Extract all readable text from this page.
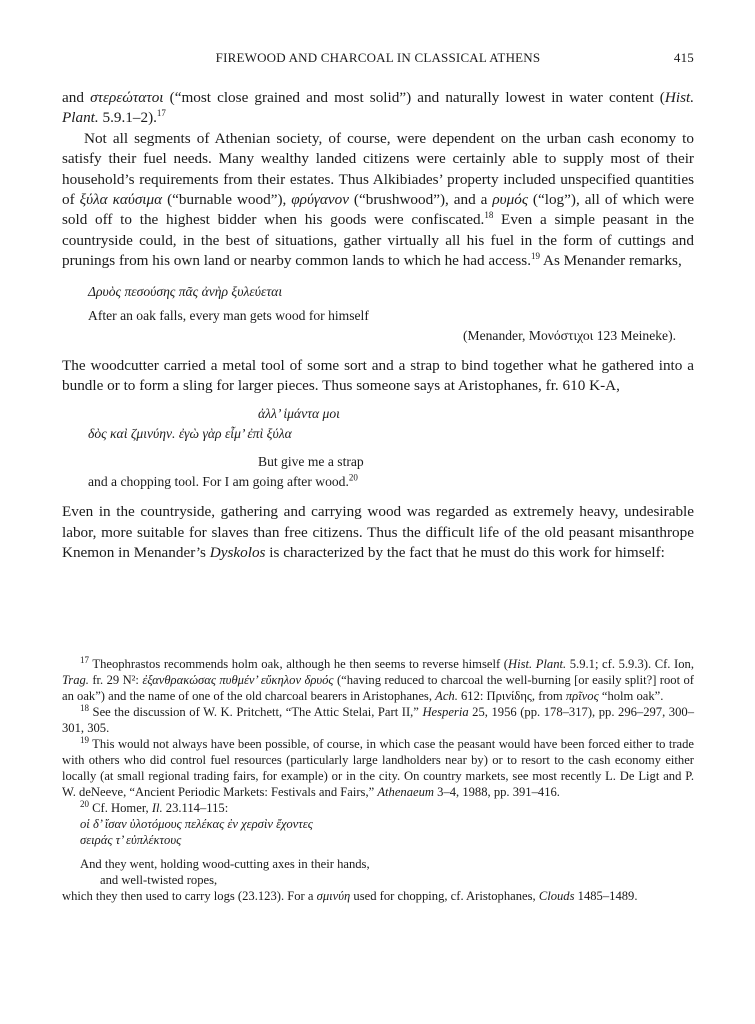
FIREWOOD AND CHARCOAL IN CLASSICAL ATHENS	415

and στερεώτατοι (“most close grained and most solid”) and naturally lowest in water content (Hist. Plant. 5.9.1–2).$^{17}$

Not all segments of Athenian society, of course, were dependent on the urban cash economy to satisfy their fuel needs. Many wealthy landed citizens were certainly able to supply most of their household’s requirements from their estates. Thus Alkibiades’ property included unspecified quantities of ξύλα καύσιμα (“burnable wood”), φρύγανον (“brushwood”), and a ρυμός (“log”), all of which were sold off to the highest bidder when his goods were confiscated.$^{18}$ Even a simple peasant in the countryside could, in the best of situations, gather virtually all his fuel in the form of cuttings and prunings from his own land or nearby common lands to which he had access.$^{19}$ As Menander remarks,

Δρυὸς πεσούσης πᾶς ἀνὴρ ξυλεύεται
After an oak falls, every man gets wood for himself
(Menander, Μονόστιχοι 123 Meineke).

The woodcutter carried a metal tool of some sort and a strap to bind together what he gathered into a bundle or to form a sling for larger pieces. Thus someone says at Aristophanes, fr. 610 K-A,

ἀλλ’ ἱμάντα μοι
δὸς καὶ ζμινύην. ἐγὼ γὰρ εἶμ’ ἐπὶ ξύλα
But give me a strap
and a chopping tool. For I am going after wood.$^{20}$

Even in the countryside, gathering and carrying wood was regarded as extremely heavy, undesirable labor, more suitable for slaves than free citizens. Thus the difficult life of the old peasant misanthrope Knemon in Menander’s Dyskolos is characterized by the fact that he must do this work for himself:

$^{17}$ Theophrastos recommends holm oak, although he then seems to reverse himself (Hist. Plant. 5.9.1; cf. 5.9.3). Cf. Ion, Trag. fr. 29 N²: ἐξανθρακώσας πυθμέν’ εὔκηλον δρυός (“having reduced to charcoal the well-burning [or easily split?] root of an oak”) and the name of one of the old charcoal bearers in Aristophanes, Ach. 612: Πρινίδης, from πρῖνος “holm oak”.

$^{18}$ See the discussion of W. K. Pritchett, “The Attic Stelai, Part II,” Hesperia 25, 1956 (pp. 178–317), pp. 296–297, 300–301, 305.

$^{19}$ This would not always have been possible, of course, in which case the peasant would have been forced either to trade with others who did control fuel resources (particularly large landholders near by) or to resort to the cash economy either locally (at small regional trading fairs, for example) or in the city. On country markets, see most recently L. De Ligt and P. W. deNeeve, “Ancient Periodic Markets: Festivals and Fairs,” Athenaeum 3–4, 1988, pp. 391–416.

$^{20}$ Cf. Homer, Il. 23.114–115:

οἱ δ’ ἴσαν ὑλοτόμους πελέκας ἐν χερσὶν ἔχοντες
σειράς τ’ εὐπλέκτους
And they went, holding wood-cutting axes in their hands,
and well-twisted ropes,

which they then used to carry logs (23.123). For a σμινύη used for chopping, cf. Aristophanes, Clouds 1485–1489.
